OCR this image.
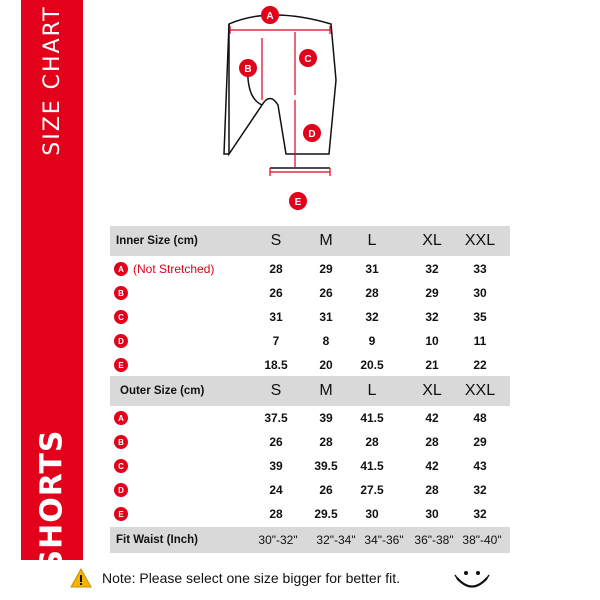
SIZE CHART
SHORTS
A
B
C
D
E
Inner Size (cm)	S	M	L	XL	XXL
A (Not Stretched)	28	29	31	32	33
B	26	26	28	29	30
C	31	31	32	32	35
D	7	8	9	10	11
E	18.5	20	20.5	21	22
Outer Size (cm)	S	M	L	XL	XXL
A	37.5	39	41.5	42	48
B	26	28	28	28	29
C	39	39.5	41.5	42	43
D	24	26	27.5	28	32
E	28	29.5	30	30	32
Fit Waist (Inch)	30"-32"	32"-34" 34"-36" 36"-38" 38"-40"
Note: Please select one size bigger for better fit.
